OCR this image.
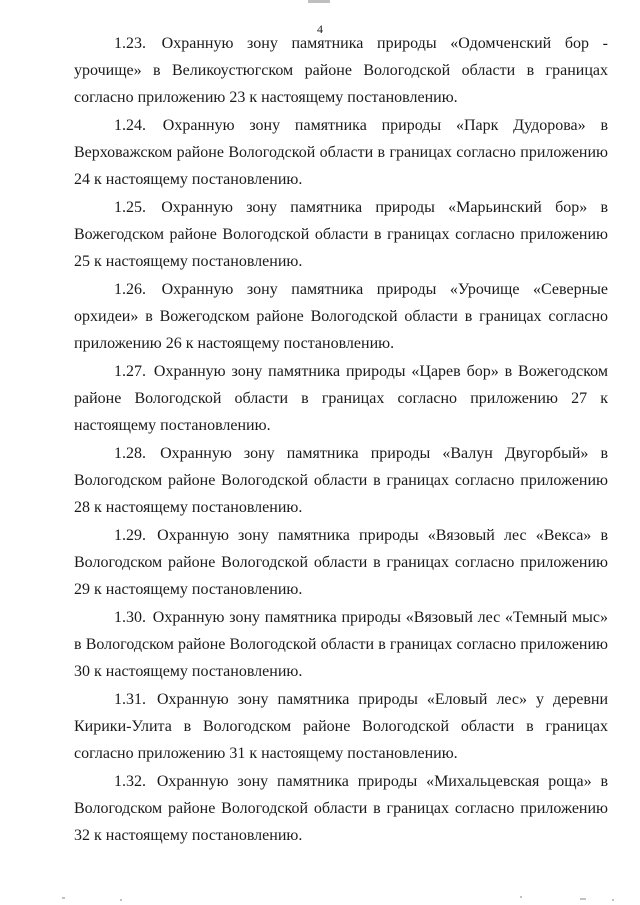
4

1.23. Охранную зону памятника природы «Одомченский бор - урочище» в Великоустюгском районе Вологодской области в границах согласно приложению 23 к настоящему постановлению.

1.24. Охранную зону памятника природы «Парк Дудорова» в Верховажском районе Вологодской области в границах согласно приложению 24 к настоящему постановлению.

1.25. Охранную зону памятника природы «Марьинский бор» в Вожегодском районе Вологодской области в границах согласно приложению 25 к настоящему постановлению.

1.26. Охранную зону памятника природы «Урочище «Северные орхидеи» в Вожегодском районе Вологодской области в границах согласно приложению 26 к настоящему постановлению.

1.27. Охранную зону памятника природы «Царев бор» в Вожегодском районе Вологодской области в границах согласно приложению 27 к настоящему постановлению.

1.28. Охранную зону памятника природы «Валун Двугорбый» в Вологодском районе Вологодской области в границах согласно приложению 28 к настоящему постановлению.

1.29. Охранную зону памятника природы «Вязовый лес «Векса» в Вологодском районе Вологодской области в границах согласно приложению 29 к настоящему постановлению.

1.30. Охранную зону памятника природы «Вязовый лес «Темный мыс» в Вологодском районе Вологодской области в границах согласно приложению 30 к настоящему постановлению.

1.31. Охранную зону памятника природы «Еловый лес» у деревни Кирики-Улита в Вологодском районе Вологодской области в границах согласно приложению 31 к настоящему постановлению.

1.32. Охранную зону памятника природы «Михальцевская роща» в Вологодском районе Вологодской области в границах согласно приложению 32 к настоящему постановлению.
